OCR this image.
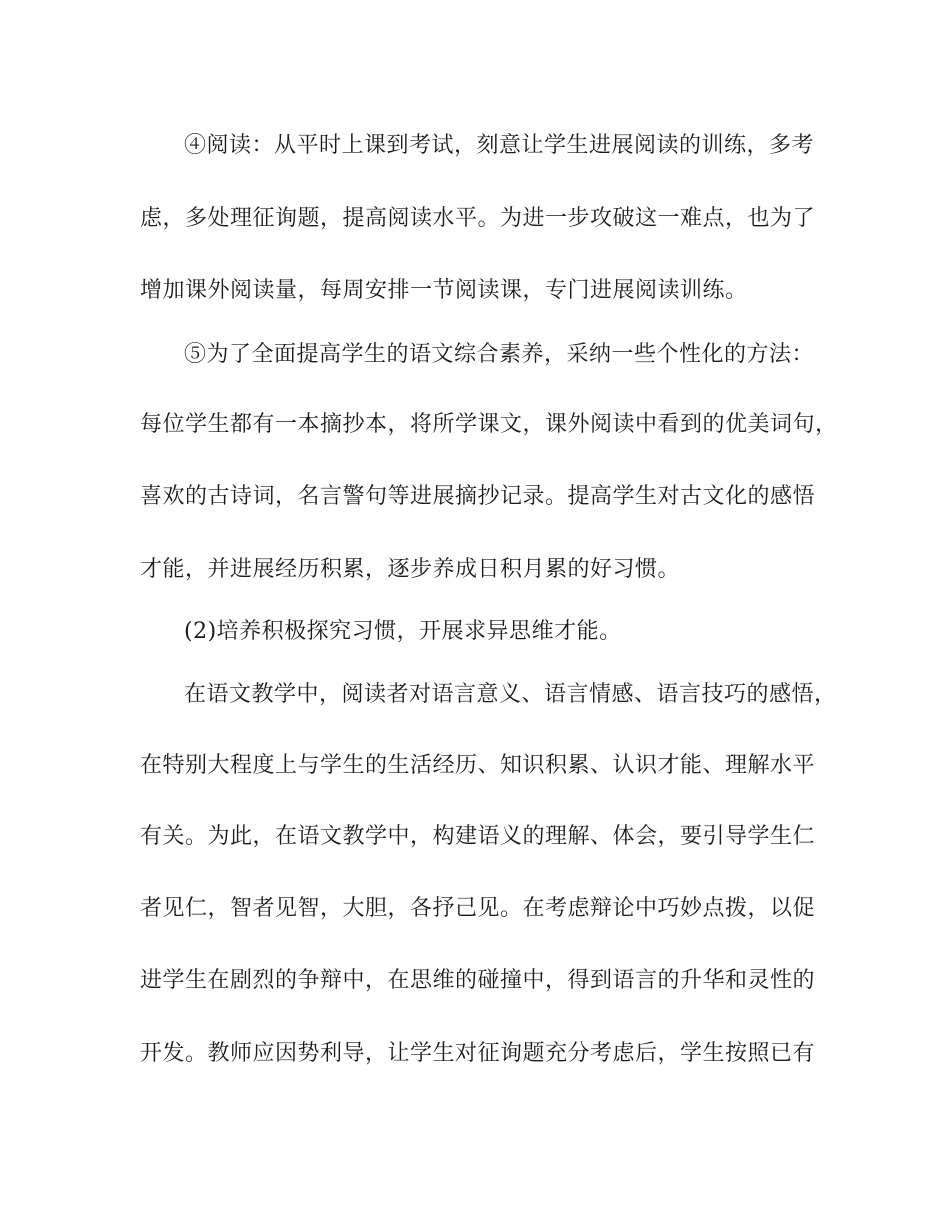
④阅读：从平时上课到考试，刻意让学生进展阅读的训练，多考
虑，多处理征询题，提高阅读水平。为进一步攻破这一难点，也为了
增加课外阅读量，每周安排一节阅读课，专门进展阅读训练。
⑤为了全面提高学生的语文综合素养，采纳一些个性化的方法：
每位学生都有一本摘抄本，将所学课文，课外阅读中看到的优美词句，
喜欢的古诗词，名言警句等进展摘抄记录。提高学生对古文化的感悟
才能，并进展经历积累，逐步养成日积月累的好习惯。
(2)培养积极探究习惯，开展求异思维才能。
在语文教学中，阅读者对语言意义、语言情感、语言技巧的感悟，
在特别大程度上与学生的生活经历、知识积累、认识才能、理解水平
有关。为此，在语文教学中，构建语义的理解、体会，要引导学生仁
者见仁，智者见智，大胆，各抒己见。在考虑辩论中巧妙点拨，以促
进学生在剧烈的争辩中，在思维的碰撞中，得到语言的升华和灵性的
开发。教师应因势利导，让学生对征询题充分考虑后，学生按照已有
